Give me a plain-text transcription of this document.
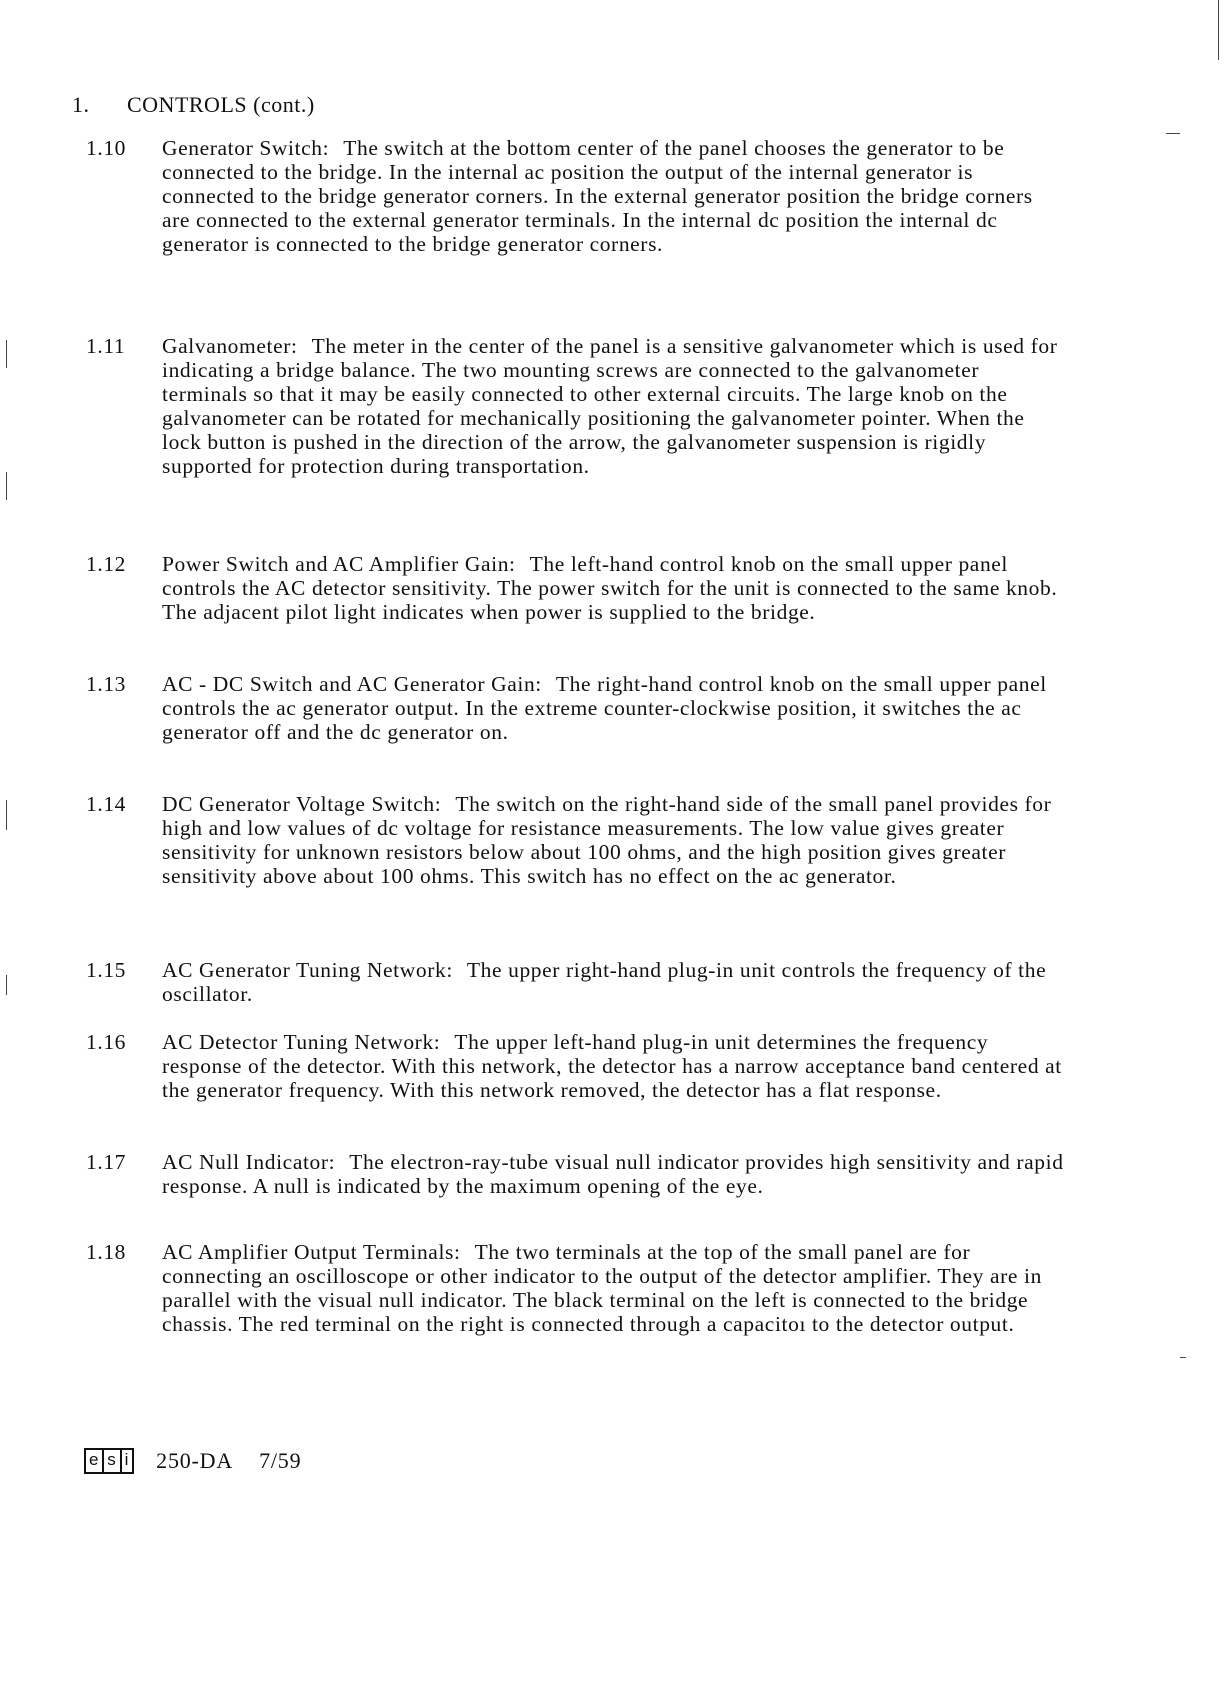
1. CONTROLS (cont.)
1.10	Generator Switch: The switch at the bottom center of the panel chooses the generator to be connected to the bridge. In the internal ac position the output of the internal generator is connected to the bridge generator corners. In the external generator position the bridge corners are connected to the external generator terminals. In the internal dc position the internal dc generator is connected to the bridge generator corners.
1.11	Galvanometer: The meter in the center of the panel is a sensitive galvanometer which is used for indicating a bridge balance. The two mounting screws are connected to the galvanometer terminals so that it may be easily connected to other external circuits. The large knob on the galvanometer can be rotated for mechanically positioning the galvanometer pointer. When the lock button is pushed in the direction of the arrow, the galvanometer suspension is rigidly supported for protection during transportation.
1.12	Power Switch and AC Amplifier Gain: The left-hand control knob on the small upper panel controls the AC detector sensitivity. The power switch for the unit is connected to the same knob. The adjacent pilot light indicates when power is supplied to the bridge.
1.13	AC - DC Switch and AC Generator Gain: The right-hand control knob on the small upper panel controls the ac generator output. In the extreme counter-clockwise position, it switches the ac generator off and the dc generator on.
1.14	DC Generator Voltage Switch: The switch on the right-hand side of the small panel provides for high and low values of dc voltage for resistance measurements. The low value gives greater sensitivity for unknown resistors below about 100 ohms, and the high position gives greater sensitivity above about 100 ohms. This switch has no effect on the ac generator.
1.15	AC Generator Tuning Network: The upper right-hand plug-in unit controls the frequency of the oscillator.
1.16	AC Detector Tuning Network: The upper left-hand plug-in unit determines the frequency response of the detector. With this network, the detector has a narrow acceptance band centered at the generator frequency. With this network removed, the detector has a flat response.
1.17	AC Null Indicator: The electron-ray-tube visual null indicator provides high sensitivity and rapid response. A null is indicated by the maximum opening of the eye.
1.18	AC Amplifier Output Terminals: The two terminals at the top of the small panel are for connecting an oscilloscope or other indicator to the output of the detector amplifier. They are in parallel with the visual null indicator. The black terminal on the left is connected to the bridge chassis. The red terminal on the right is connected through a capacitoı to the detector output.
e s i 250-DA 7/59
